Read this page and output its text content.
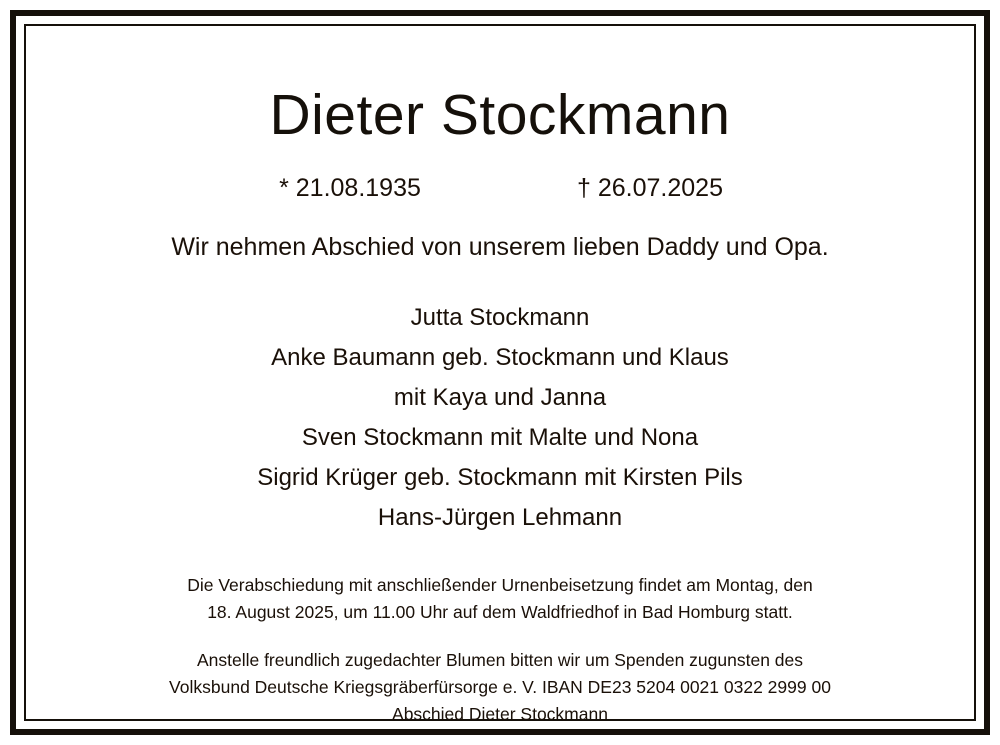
Dieter Stockmann
* 21.08.1935	† 26.07.2025
Wir nehmen Abschied von unserem lieben Daddy und Opa.
Jutta Stockmann
Anke Baumann geb. Stockmann und Klaus
mit Kaya und Janna
Sven Stockmann mit Malte und Nona
Sigrid Krüger geb. Stockmann mit Kirsten Pils
Hans-Jürgen Lehmann
Die Verabschiedung mit anschließender Urnenbeisetzung findet am Montag, den
18. August 2025, um 11.00 Uhr auf dem Waldfriedhof in Bad Homburg statt.
Anstelle freundlich zugedachter Blumen bitten wir um Spenden zugunsten des
Volksbund Deutsche Kriegsgräberfürsorge e. V. IBAN DE23 5204 0021 0322 2999 00
Abschied Dieter Stockmann
